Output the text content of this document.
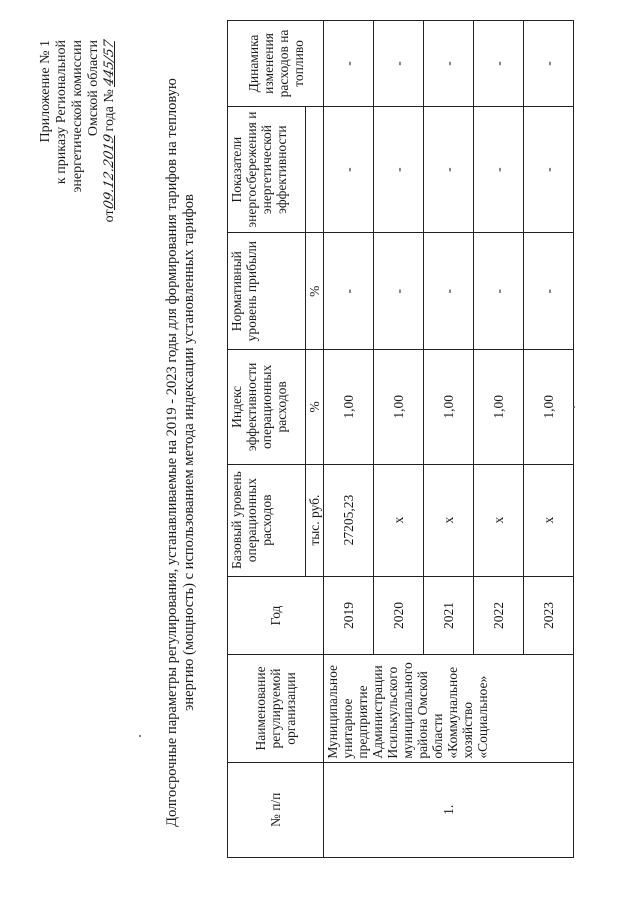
Приложение № 1 к приказу Региональной энергетической комиссии Омской области
от09.12.2019 года № 445/57
Долгосрочные параметры регулирования, устанавливаемые на 2019 - 2023 годы для формирования тарифов на тепловую энергию (мощность) с использованием метода индексации установленных тарифов
№ п/п	Наименование регулируемой организации	Год	Базовый уровень операционных расходов	Индекс эффективности операционных расходов	Нормативный уровень прибыли	Показатели энергосбережения и энергетической эффективности	Динамика изменения расходов на топливо
			тыс. руб.	%	%		
1.	Муниципальное унитарное предприятие Администрации Исилькульского муниципального района Омской области «Коммунальное хозяйство «Социальное»	2019	27205,23	1,00	-	-	-
		2020	х	1,00	-	-	-
		2021	х	1,00	-	-	-
		2022	х	1,00	-	-	-
		2023	х	1,00	-	-	-
